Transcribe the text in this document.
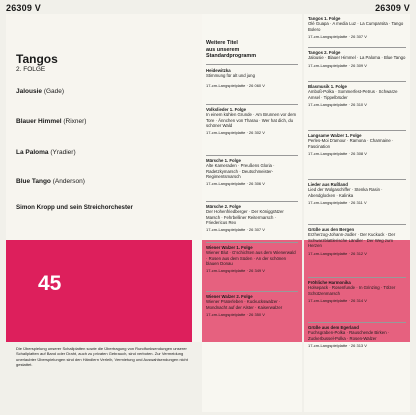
26309 V	26309 V
Tangos
2. FOLGE
Jalousie (Gade)
Blauer Himmel (Rixner)
La Paloma (Yradier)
Blue Tango (Anderson)
Simon Kropp und sein Streichorchester
45
Die Überspielung unserer Schallplatten sowie die Übertragung von Rundfunksendungen unserer Schallplatten auf Band oder Draht, auch zu privaten Gebrauch, sind verboten. Zur Vermeidung unerlaubter Überspielungen sind den Händlern Verleih, Vermietung und Auswahlsendungen nicht gestattet.
Weitere Titel
aus unserem
Standardprogramm
Heidewitzka
Stimmung für alt und jung
17-cm-Langspielplatte · 26 060 V
Volkslieder 1. Folge
In einem kühlen Grunde · Am Brunnen vor dem Tore · Ännchen von Tharau · Wer hat dich, du schöner Wald
17-cm-Langspielplatte · 26 302 V
Märsche 1. Folge
Alte Kameraden · Preußens Gloria · Radetzkymarsch · Deutschmeister-Regimentsmarsch
17-cm-Langspielplatte · 26 306 V
Märsche 2. Folge
Der Hohenfriedberger · Der Königgrätzer Marsch · Fehrbelliner Reitermarsch · Friedericus Rex
17-cm-Langspielplatte · 26 307 V
Wiener Walzer 1. Folge
Wiener Blut · G'schichten aus dem Wienerwald · Rosen aus dem Süden · An der schönen blauen Donau
17-cm-Langspielplatte · 26 349 V
Wiener Walzer 2. Folge
Wiener Praterleben · Kuckuckswalzer · Mondnacht auf der Alster · Kaiserwalzer
17-cm-Langspielplatte · 26 350 V
Tangos 1. Folge
Olé Guapa · A media Luz · La Cumparsita · Tango Bolero
17-cm-Langspielplatte · 26 307 V
Tangos 2. Folge
Jalousie · Blauer Himmel · La Paloma · Blue Tango
17-cm-Langspielplatte · 26 309 V
Blasmusik 1. Folge
Amboß-Polka · Sommerfest-Petrus · Schwarze Amsel · Tippelbrüder
17-cm-Langspielplatte · 26 310 V
Langsame Walzer 1. Folge
Perles-Moi D'amour · Ramona · Charmaine · Fascination
17-cm-Langspielplatte · 26 308 V
Lieder aus Rußland
Lied der Wolgaschiffer · Stenka Rasin · Abendglocken · Kalinka
17-cm-Langspielplatte · 26 311 V
Grüße aus den Bergen
Erzherzog-Johann-Jodler · Der Kuckuck · Der Schwarzblattlerische Ländler · Der Weg zum Herzen
17-cm-Langspielplatte · 26 312 V
Fröhliche Harmonika
Holsepack · Rosenfunde · In Grinzing · Tölzer Schützenmarsch
17-cm-Langspielplatte · 26 314 V
Grüße aus dem Egerland
Fuchsgraben-Polka · Rauschende Birken · Zuckerbussel-Polka · Rosen-Walzer
17-cm-Langspielplatte · 26 313 V
